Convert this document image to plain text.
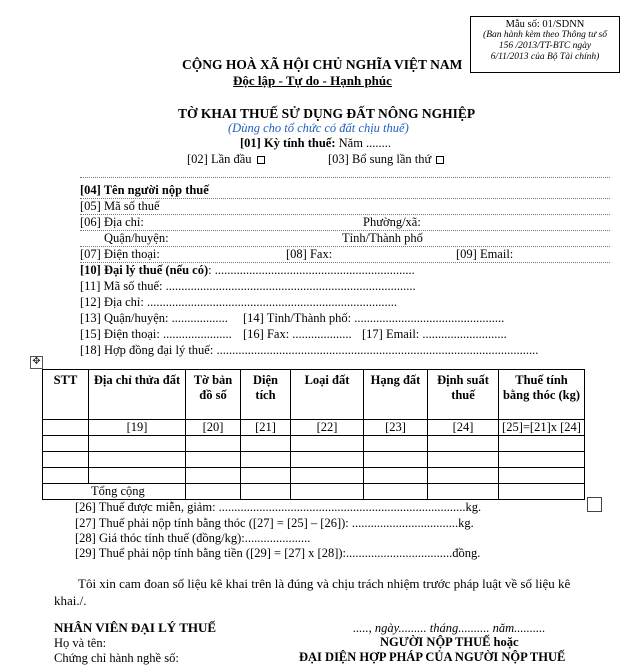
Mẫu số: 01/SDNN
(Ban hành kèm theo Thông tư số
156 /2013/TT-BTC ngày
6/11/2013 của Bộ Tài chính)
CỘNG HOÀ XÃ HỘI CHỦ NGHĨA VIỆT NAM
Độc lập - Tự do - Hạnh phúc
TỜ KHAI THUẾ SỬ DỤNG ĐẤT NÔNG NGHIỆP
(Dùng cho tổ chức có đất chịu thuế)
[01] Kỳ tính thuế: Năm ........
[02] Lần đầu	[03] Bổ sung lần thứ
[04] Tên người nộp thuế
[05] Mã số thuế
[06] Địa chỉ:	Phường/xã:
Quận/huyện:	Tỉnh/Thành phố
[07] Điện thoại:	[08] Fax:	[09] Email:
[10] Đại lý thuế (nếu có): ................................................................
[11] Mã số thuế: ................................................................................
[12] Địa chỉ: ................................................................................
[13] Quận/huyện: .................. [14] Tỉnh/Thành phố: ................................................
[15] Điện thoại: ...................... [16] Fax: ................... [17] Email: ...........................
[18] Hợp đồng đại lý thuế: .......................................................................................................
✥
STT	Địa chỉ thửa đất	Tờ bản đồ số	Diện tích	Loại đất	Hạng đất	Định suất thuế	Thuế tính bằng thóc (kg)
	[19]	[20]	[21]	[22]	[23]	[24]	[25]=[21]x [24]

Tổng cộng							
[26] Thuế được miễn, giảm: ...............................................................................kg.
[27] Thuế phải nộp tính bằng thóc ([27] = [25] – [26]): ..................................kg.
[28] Giá thóc tính thuế (đồng/kg):.....................
[29] Thuế phải nộp tính bằng tiền ([29] = [27] x [28]):..................................đồng.
Tôi xin cam đoan số liệu kê khai trên là đúng và chịu trách nhiệm trước pháp luật về số liệu kê khai./.
NHÂN VIÊN ĐẠI LÝ THUẾ	....., ngày......... tháng.......... năm..........
Họ và tên:	NGƯỜI NỘP THUẾ hoặc
Chứng chỉ hành nghề số:	ĐẠI DIỆN HỢP PHÁP CỦA NGƯỜI NỘP THUẾ
